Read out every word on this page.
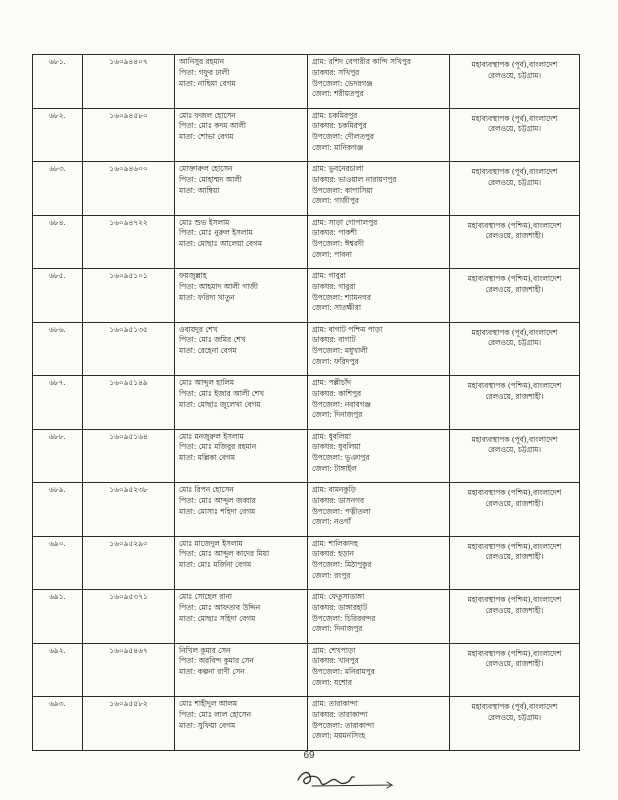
৬৮১.	১৬০৯৪৪০৭	আনিসুর রহমান
পিতা: গফুর ঢালী
মাতা: নাছিমা বেগম	গ্রাম: রশিদ বেপারীর কান্দি সখিপুর
ডাকঘর: সখিপুর
উপজেলা: ভেদরগঞ্জ
জেলা: শরীয়তপুর	মহাব্যবস্থাপক (পূর্ব),বাংলাদেশ
রেলওয়ে, চট্টগ্রাম।

৬৮২.	১৬০৯৪৫৮০	মোঃ ফজল হোসেন
পিতা: মোঃ কদম আলী
মাতা: শোভা বেগম	গ্রাম: চকমিরপুর
ডাকঘর: চকমিরপুর
উপজেলা: দৌলতপুর
জেলা: মানিকগঞ্জ	মহাব্যবস্থাপক (পূর্ব),বাংলাদেশ
রেলওয়ে, চট্টগ্রাম।

৬৮৩.	১৬০৯৪৬০০	মোক্তারুল হোসেন
পিতা: মোহাম্মদ আলী
মাতা: আম্বিয়া	গ্রাম: ভুবনেরচালা
ডাকঘর: ভাওয়াল নারায়ণপুর
উপজেলা: কাপাসিয়া
জেলা: গাজীপুর	মহাব্যবস্থাপক (পূর্ব),বাংলাদেশ
রেলওয়ে, চট্টগ্রাম।

৬৮৪.	১৬০৯৪৭২২	মোঃ শুভ ইসলাম
পিতা: মোঃ নুরুল ইসলাম
মাতা: মোছাঃ আলেয়া বেগম	গ্রাম: সাড়া গোপালপুর
ডাকঘর: পাকশী
উপজেলা: ঈশ্বরদী
জেলা: পাবনা	মহাব্যবস্থাপক (পশ্চিম),বাংলাদেশ
রেলওয়ে, রাজশাহী।

৬৮৫.	১৬০৯৫১০১	ফয়জুল্লাহ
পিতা: আহমাদ আলী গাজী
মাতা: ফরিদা খাতুন	গ্রাম: গাবুরা
ডাকঘর: গাবুরা
উপজেলা: শ্যামনগর
জেলা: সাতক্ষীরা	মহাব্যবস্থাপক (পশ্চিম),বাংলাদেশ
রেলওয়ে, রাজশাহী।

৬৮৬.	১৬০৯৫১৩৫	ওবায়দুর শেখ
পিতা: মোঃ জমির শেখ
মাতা: রেহেনা বেগম	গ্রাম: বাগাট পশ্চিম পাড়া
ডাকঘর: বাগাট
উপজেলা: মধুখালী
জেলা: ফরিদপুর	মহাব্যবস্থাপক (পূর্ব),বাংলাদেশ
রেলওয়ে, চট্টগ্রাম।

৬৮৭.	১৬০৯৫১৪৯	মোঃ আব্দুল হালিম
পিতা: মোঃ ইজার আলী শেখ
মাতা: মোছাঃ জুলেখা বেগম	গ্রাম: পল্লীচাঁদ
ডাকঘর: কাশিপুর
উপজেলা: নবাবগঞ্জ
জেলা: দিনাজপুর	মহাব্যবস্থাপক (পশ্চিম),বাংলাদেশ
রেলওয়ে, রাজশাহী।

৬৮৮.	১৬০৯৫১৬৪	মোঃ মনজুরুল ইসলাম
পিতা: মোঃ মজিবুর রহমান
মাতা: মল্লিকা বেগম	গ্রাম: ধুবলিয়া
ডাকঘর: ধুবলিয়া
উপজেলা: ভূঞাপুর
জেলা: টাঙ্গাইল	মহাব্যবস্থাপক (পূর্ব),বাংলাদেশ
রেলওয়ে, চট্টগ্রাম।

৬৮৯.	১৬০৯৫২৩৮	মোঃ রিপন হোসেন
পিতা: মোঃ আব্দুল জব্বার
মাতা: মোসাঃ শহিদা বেগম	গ্রাম: বামনকুড়ি
ডাকঘর: ডাসনগর
উপজেলা: পত্নীতলা
জেলা: নওগাঁ	মহাব্যবস্থাপক (পশ্চিম),বাংলাদেশ
রেলওয়ে, রাজশাহী।

৬৯০.	১৬০৯৫২৯০	মোঃ মাজেদুল ইসলাম
পিতা: মোঃ আব্দুল কাদের মিয়া
মাতা: মোঃ মর্জিনা বেগম	গ্রাম: শালিকাদহ
ডাকঘর: হড়ান
উপজেলা: মিঠাপুকুর
জেলা: রংপুর	মহাব্যবস্থাপক (পশ্চিম),বাংলাদেশ
রেলওয়ে, রাজশাহী।

৬৯১.	১৬০৯৫৩৭১	মোঃ সোহেল রানা
পিতা: মোঃ আফতাব উদ্দিন
মাতা: মোছাঃ সহিদা বেগম	গ্রাম: ফেতুসাডাঙ্গা
ডাকঘর: ডাঙ্গারহাট
উপজেলা: চিরিরবন্দর
জেলা: দিনাজপুর	মহাব্যবস্থাপক (পশ্চিম),বাংলাদেশ
রেলওয়ে, রাজশাহী।

৬৯২.	১৬০৯৫৪৬৭	নিখিল কুমার সেন
পিতা: অরবিন্দ কুমার সেন
মাতা: কল্পনা রাণী সেন	গ্রাম: শেখপাড়া
ডাকঘর: খানপুর
উপজেলা: মনিরামপুর
জেলা: যশোর	মহাব্যবস্থাপক (পশ্চিম),বাংলাদেশ
রেলওয়ে, রাজশাহী।

৬৯৩.	১৬০৯৫৫৮২	মোঃ শাহীদুল আলম
পিতা: মোঃ লাল হোসেন
মাতা: সুফিয়া বেগম	গ্রাম: তারাকান্দা
ডাকঘর: তারাকান্দা
উপজেলা: তারাকান্দা
জেলা: ময়মনসিংহ	মহাব্যবস্থাপক (পূর্ব),বাংলাদেশ
রেলওয়ে, চট্টগ্রাম।
69
